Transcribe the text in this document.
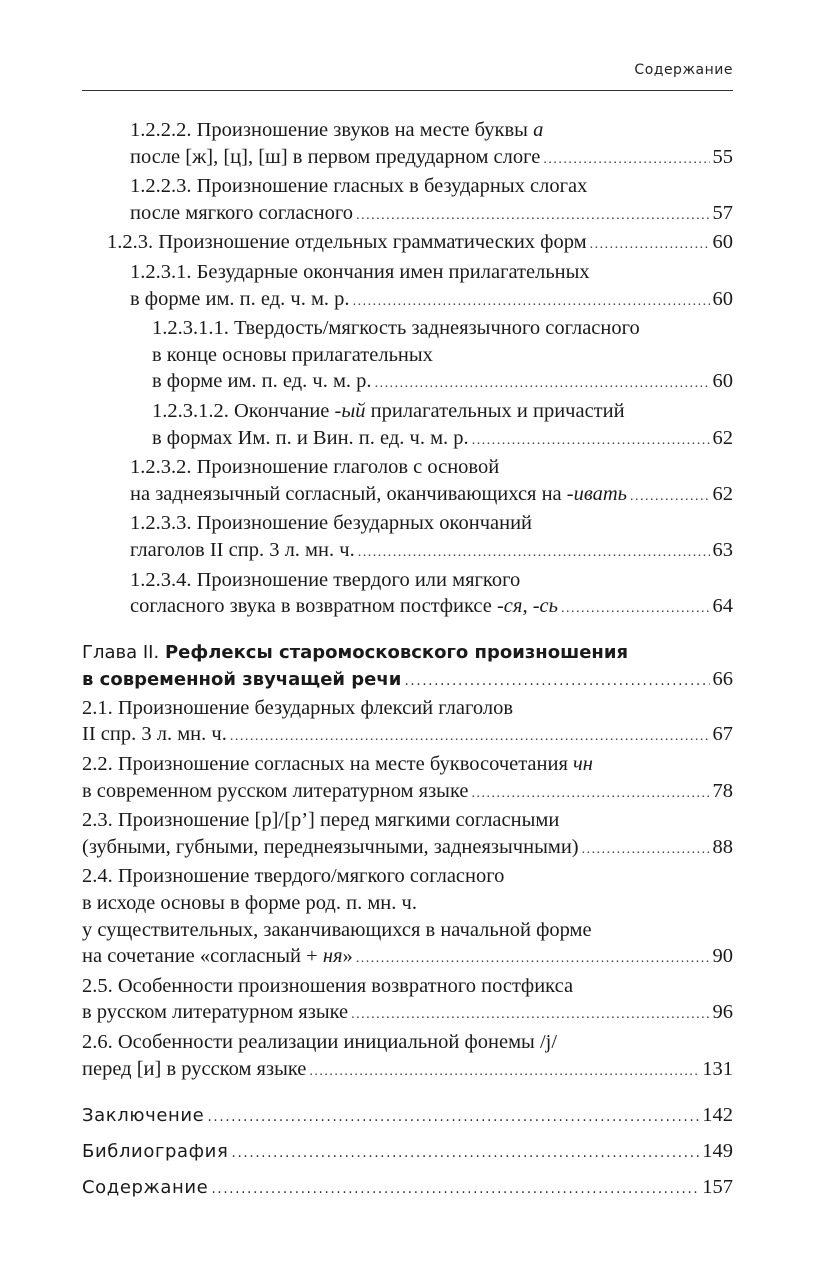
Содержание
1.2.2.2. Произношение звуков на месте буквы а
после [ж], [ц], [ш] в первом предударном слоге .....	55
1.2.2.3. Произношение гласных в безударных слогах
после мягкого согласного .....	57
1.2.3. Произношение отдельных грамматических форм .....	60
1.2.3.1. Безударные окончания имен прилагательных
в форме им. п. ед. ч. м. р. .....	60
1.2.3.1.1. Твердость/мягкость заднеязычного согласного
в конце основы прилагательных
в форме им. п. ед. ч. м. р. .....	60
1.2.3.1.2. Окончание -ый прилагательных и причастий
в формах Им. п. и Вин. п. ед. ч. м. р. .....	62
1.2.3.2. Произношение глаголов с основой
на заднеязычный согласный, оканчивающихся на -ивать .....	62
1.2.3.3. Произношение безударных окончаний
глаголов II спр. 3 л. мн. ч. .....	63
1.2.3.4. Произношение твердого или мягкого
согласного звука в возвратном постфиксе -ся, -сь .....	64
Глава II. Рефлексы старомосковского произношения
в современной звучащей речи .....	66
2.1. Произношение безударных флексий глаголов
II спр. 3 л. мн. ч. .....	67
2.2. Произношение согласных на месте буквосочетания чн
в современном русском литературном языке .....	78
2.3. Произношение [р]/[р’] перед мягкими согласными
(зубными, губными, переднеязычными, заднеязычными) .....	88
2.4. Произношение твердого/мягкого согласного
в исходе основы в форме род. п. мн. ч.
у существительных, заканчивающихся в начальной форме
на сочетание «согласный + ня» .....	90
2.5. Особенности произношения возвратного постфикса
в русском литературном языке .....	96
2.6. Особенности реализации инициальной фонемы /j/
перед [и] в русском языке .....	131
Заключение .....	142
Библиография .....	149
Содержание .....	157
